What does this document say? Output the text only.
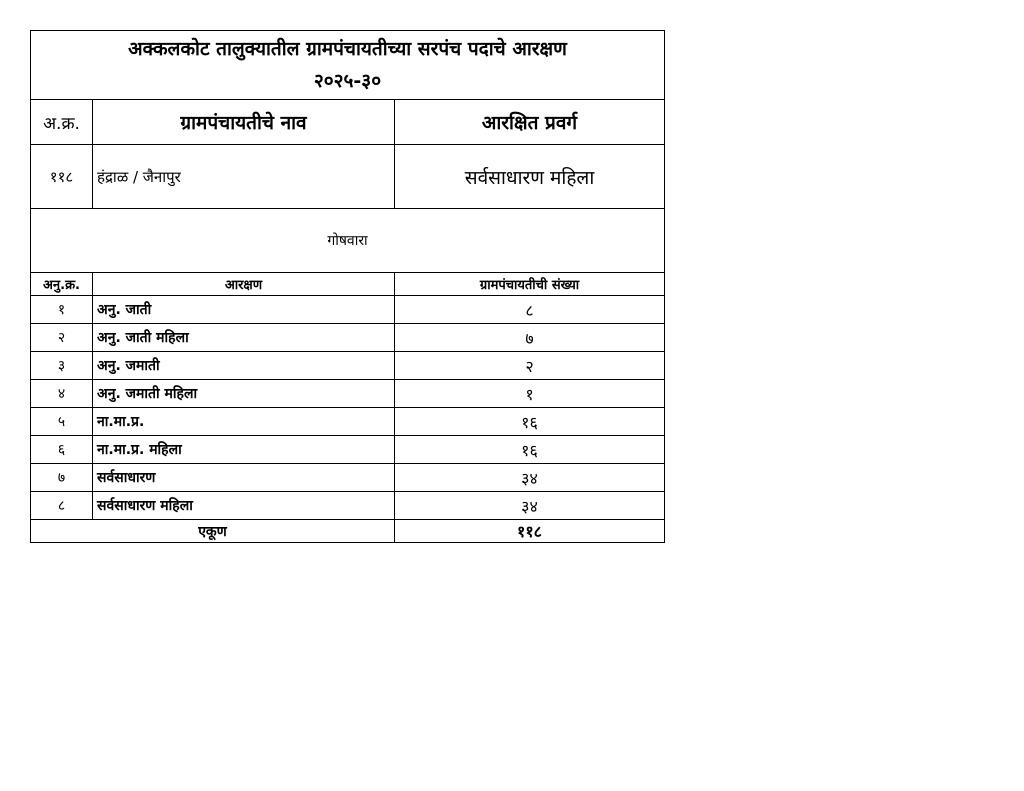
अक्कलकोट तालुक्यातील ग्रामपंचायतीच्या सरपंच पदाचे आरक्षण
२०२५-३०		

अ.क्र.	ग्रामपंचायतीचे नाव	आरक्षित प्रवर्ग
११८	हंद्राळ / जैनापुर	सर्वसाधारण महिला
गोषवारा		
अनु.क्र.	आरक्षण	ग्रामपंचायतीची संख्या
१	अनु. जाती	८
२	अनु. जाती महिला	७
३	अनु. जमाती	२
४	अनु. जमाती महिला	१
५	ना.मा.प्र.	१६
६	ना.मा.प्र. महिला	१६
७	सर्वसाधारण	३४
८	सर्वसाधारण महिला	३४
एकूण		११८
